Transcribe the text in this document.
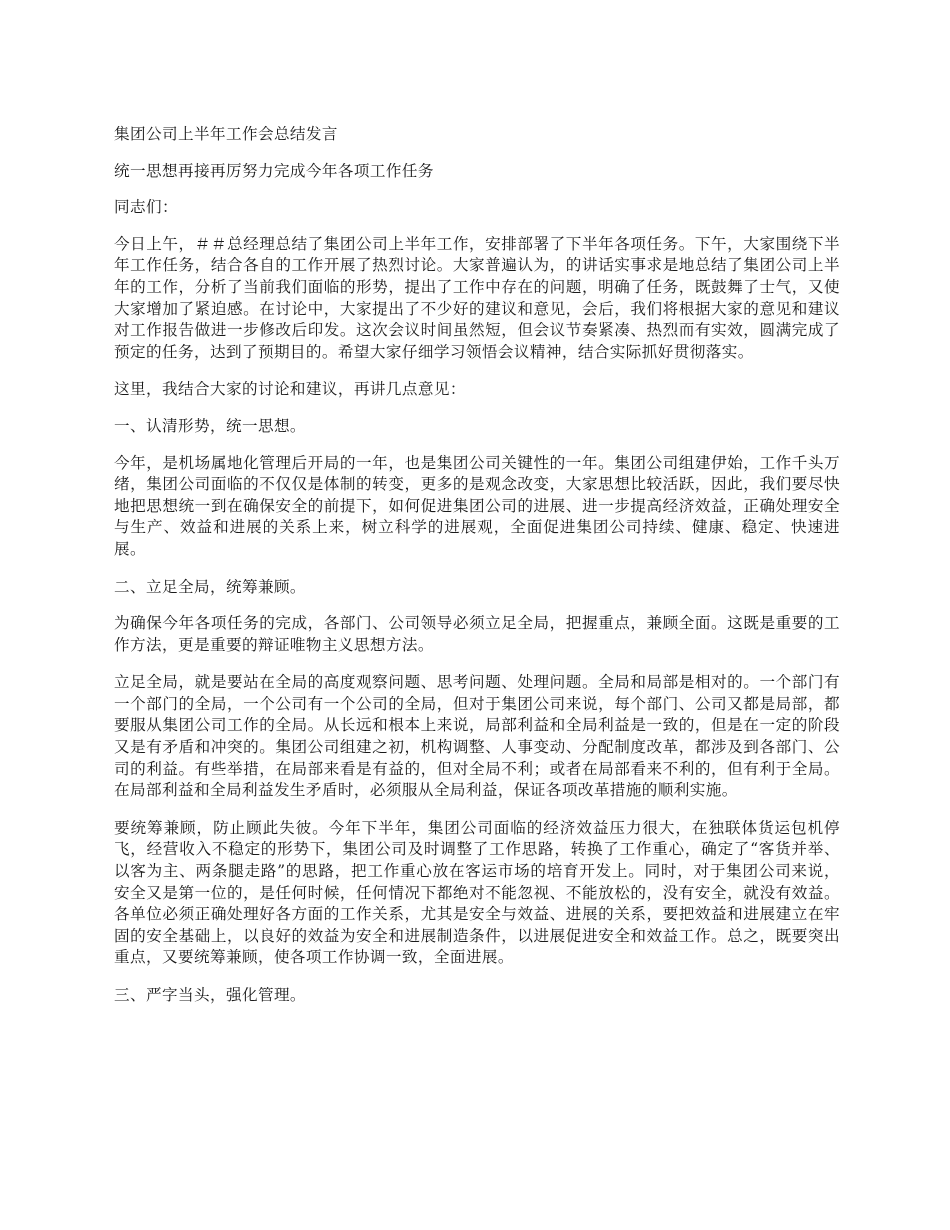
集团公司上半年工作会总结发言

统一思想再接再厉努力完成今年各项工作任务

同志们：

今日上午，＃＃总经理总结了集团公司上半年工作，安排部署了下半年各项任务。下午，大家围绕下半年工作任务，结合各自的工作开展了热烈讨论。大家普遍认为，的讲话实事求是地总结了集团公司上半年的工作，分析了当前我们面临的形势，提出了工作中存在的问题，明确了任务，既鼓舞了士气，又使大家增加了紧迫感。在讨论中，大家提出了不少好的建议和意见，会后，我们将根据大家的意见和建议对工作报告做进一步修改后印发。这次会议时间虽然短，但会议节奏紧凑、热烈而有实效，圆满完成了预定的任务，达到了预期目的。希望大家仔细学习领悟会议精神，结合实际抓好贯彻落实。

这里，我结合大家的讨论和建议，再讲几点意见：

一、认清形势，统一思想。

今年，是机场属地化管理后开局的一年，也是集团公司关键性的一年。集团公司组建伊始，工作千头万绪，集团公司面临的不仅仅是体制的转变，更多的是观念改变，大家思想比较活跃，因此，我们要尽快地把思想统一到在确保安全的前提下，如何促进集团公司的进展、进一步提高经济效益，正确处理安全与生产、效益和进展的关系上来，树立科学的进展观，全面促进集团公司持续、健康、稳定、快速进展。

二、立足全局，统筹兼顾。

为确保今年各项任务的完成，各部门、公司领导必须立足全局，把握重点，兼顾全面。这既是重要的工作方法，更是重要的辩证唯物主义思想方法。

立足全局，就是要站在全局的高度观察问题、思考问题、处理问题。全局和局部是相对的。一个部门有一个部门的全局，一个公司有一个公司的全局，但对于集团公司来说，每个部门、公司又都是局部，都要服从集团公司工作的全局。从长远和根本上来说，局部利益和全局利益是一致的，但是在一定的阶段又是有矛盾和冲突的。集团公司组建之初，机构调整、人事变动、分配制度改革，都涉及到各部门、公司的利益。有些举措，在局部来看是有益的，但对全局不利；或者在局部看来不利的，但有利于全局。在局部利益和全局利益发生矛盾时，必须服从全局利益，保证各项改革措施的顺利实施。

要统筹兼顾，防止顾此失彼。今年下半年，集团公司面临的经济效益压力很大，在独联体货运包机停飞，经营收入不稳定的形势下，集团公司及时调整了工作思路，转换了工作重心，确定了“客货并举、以客为主、两条腿走路”的思路，把工作重心放在客运市场的培育开发上。同时，对于集团公司来说，安全又是第一位的，是任何时候，任何情况下都绝对不能忽视、不能放松的，没有安全，就没有效益。各单位必须正确处理好各方面的工作关系，尤其是安全与效益、进展的关系，要把效益和进展建立在牢固的安全基础上，以良好的效益为安全和进展制造条件，以进展促进安全和效益工作。总之，既要突出重点，又要统筹兼顾，使各项工作协调一致，全面进展。

三、严字当头，强化管理。
